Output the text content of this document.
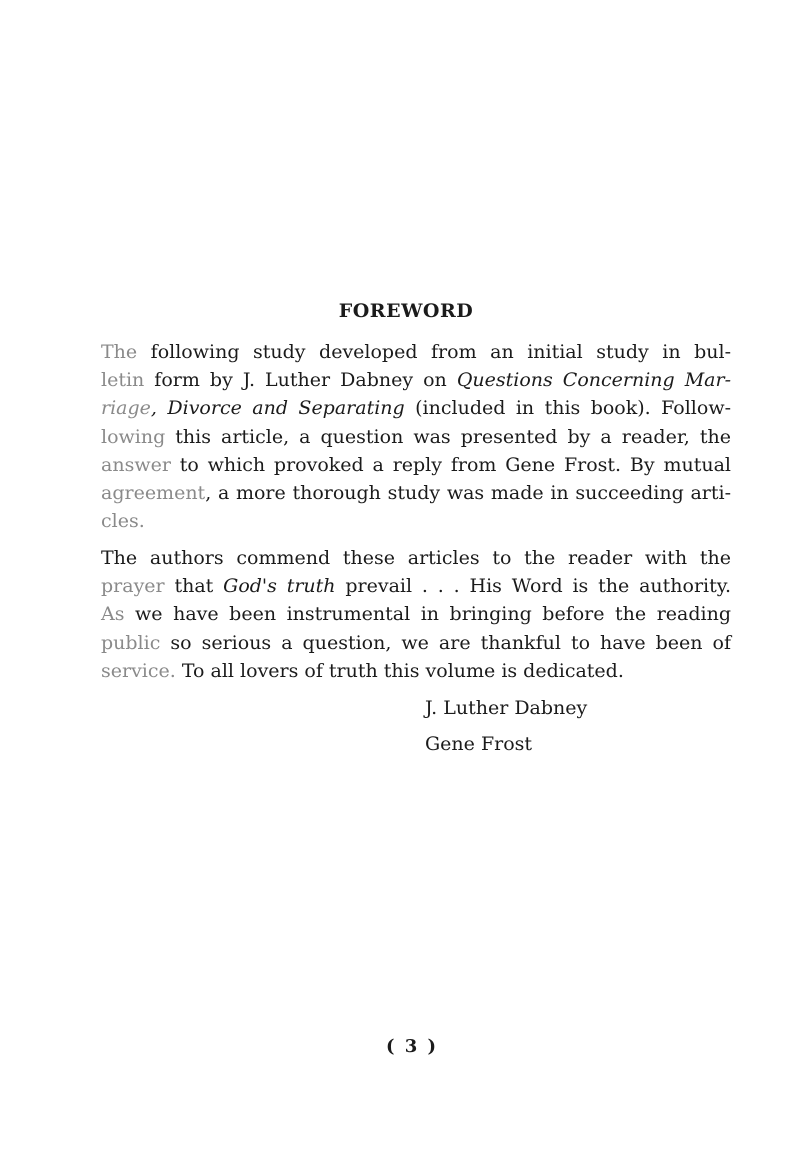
FOREWORD
The following study developed from an initial study in bul-
letin form by J. Luther Dabney on Questions Concerning Mar-
riage, Divorce and Separating (included in this book). Follow-
lowing this article, a question was presented by a reader, the
answer to which provoked a reply from Gene Frost. By mutual
agreement, a more thorough study was made in succeeding arti-
cles.
The authors commend these articles to the reader with the
prayer that God's truth prevail . . . His Word is the authority.
As we have been instrumental in bringing before the reading
public so serious a question, we are thankful to have been of
service. To all lovers of truth this volume is dedicated.
J. Luther Dabney
Gene Frost
( 3 )
